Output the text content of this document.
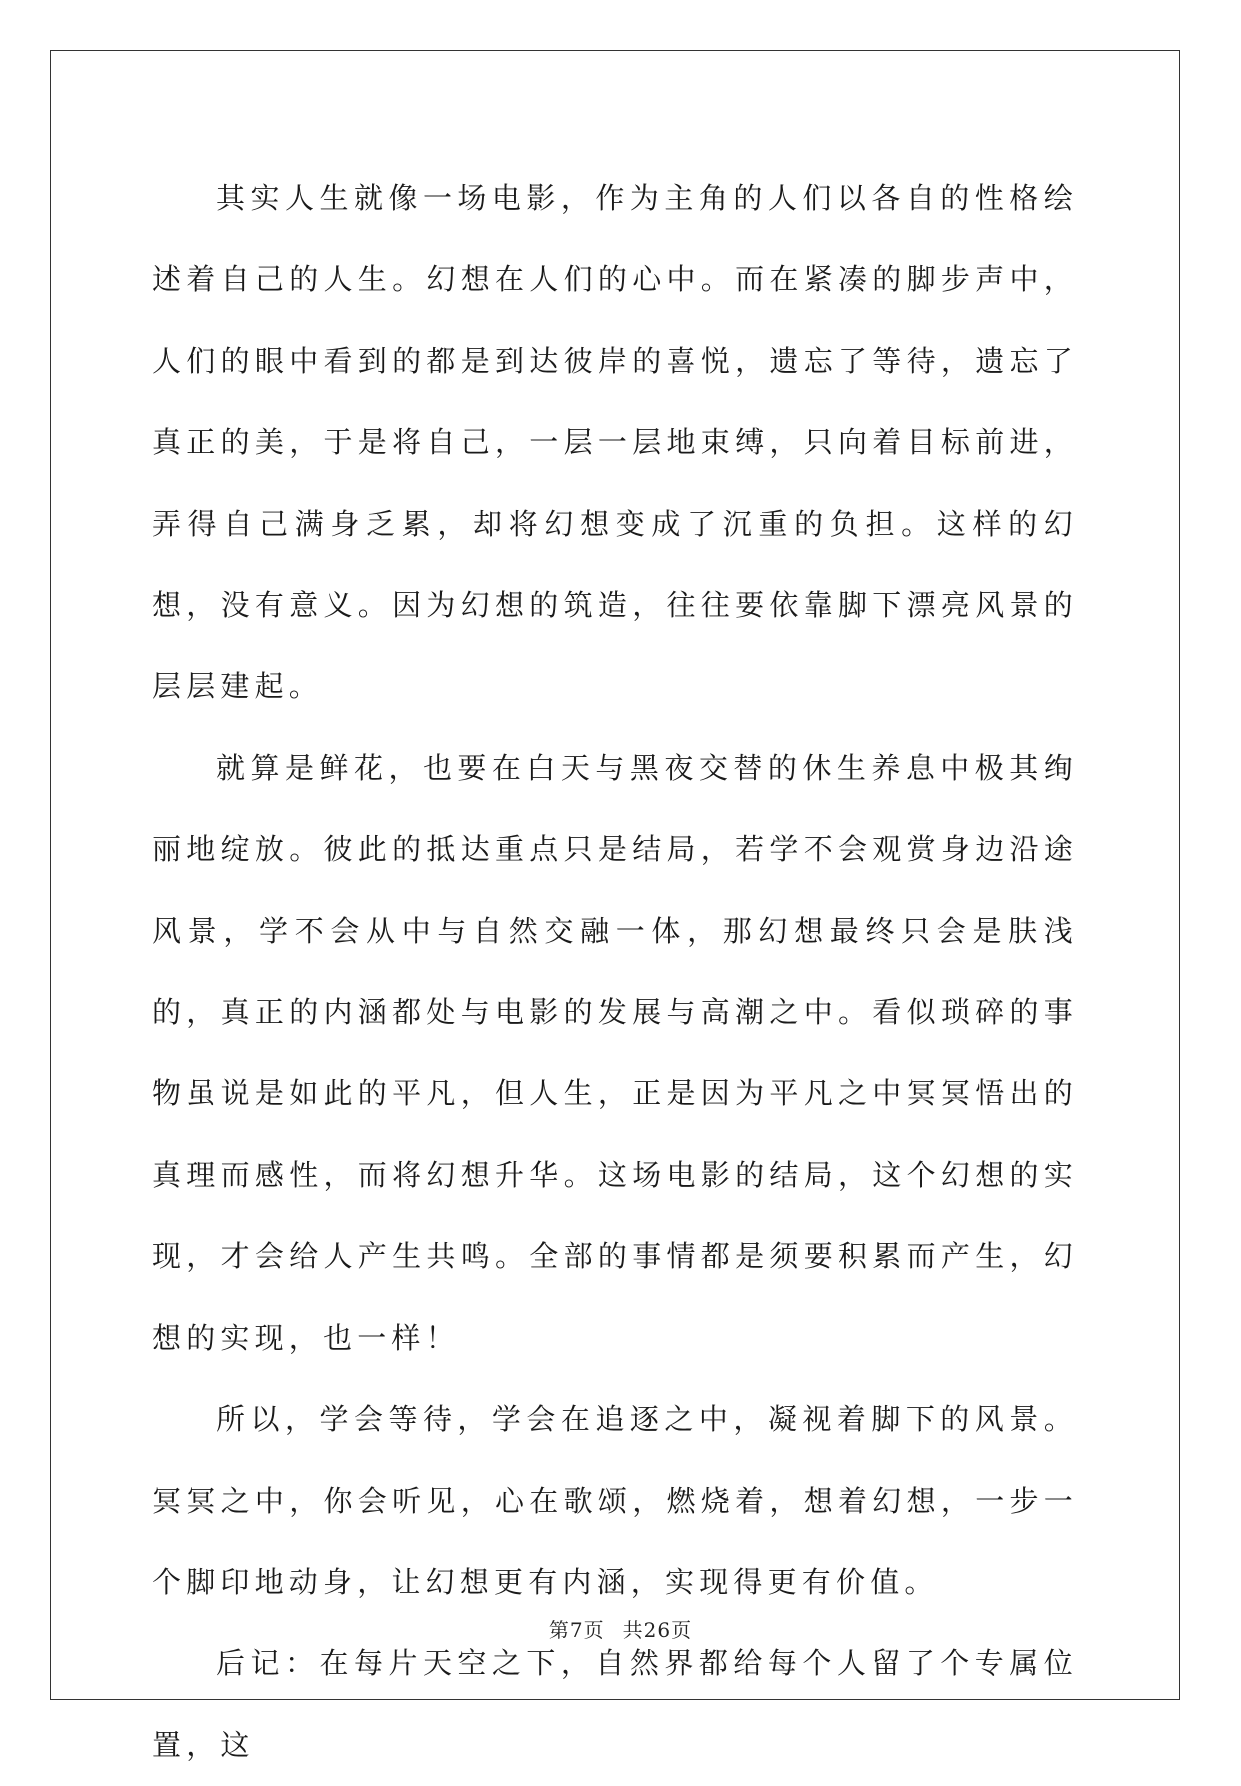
其实人生就像一场电影，作为主角的人们以各自的性格绘述着自己的人生。幻想在人们的心中。而在紧凑的脚步声中，人们的眼中看到的都是到达彼岸的喜悦，遗忘了等待，遗忘了真正的美，于是将自己，一层一层地束缚，只向着目标前进，弄得自己满身乏累，却将幻想变成了沉重的负担。这样的幻想，没有意义。因为幻想的筑造，往往要依靠脚下漂亮风景的层层建起。

就算是鲜花，也要在白天与黑夜交替的休生养息中极其绚丽地绽放。彼此的抵达重点只是结局，若学不会观赏身边沿途风景，学不会从中与自然交融一体，那幻想最终只会是肤浅的，真正的内涵都处与电影的发展与高潮之中。看似琐碎的事物虽说是如此的平凡，但人生，正是因为平凡之中冥冥悟出的真理而感性，而将幻想升华。这场电影的结局，这个幻想的实现，才会给人产生共鸣。全部的事情都是须要积累而产生，幻想的实现，也一样！

所以，学会等待，学会在追逐之中，凝视着脚下的风景。冥冥之中，你会听见，心在歌颂，燃烧着，想着幻想，一步一个脚印地动身，让幻想更有内涵，实现得更有价值。

后记：在每片天空之下，自然界都给每个人留了个专属位置，这

第7页 共26页
